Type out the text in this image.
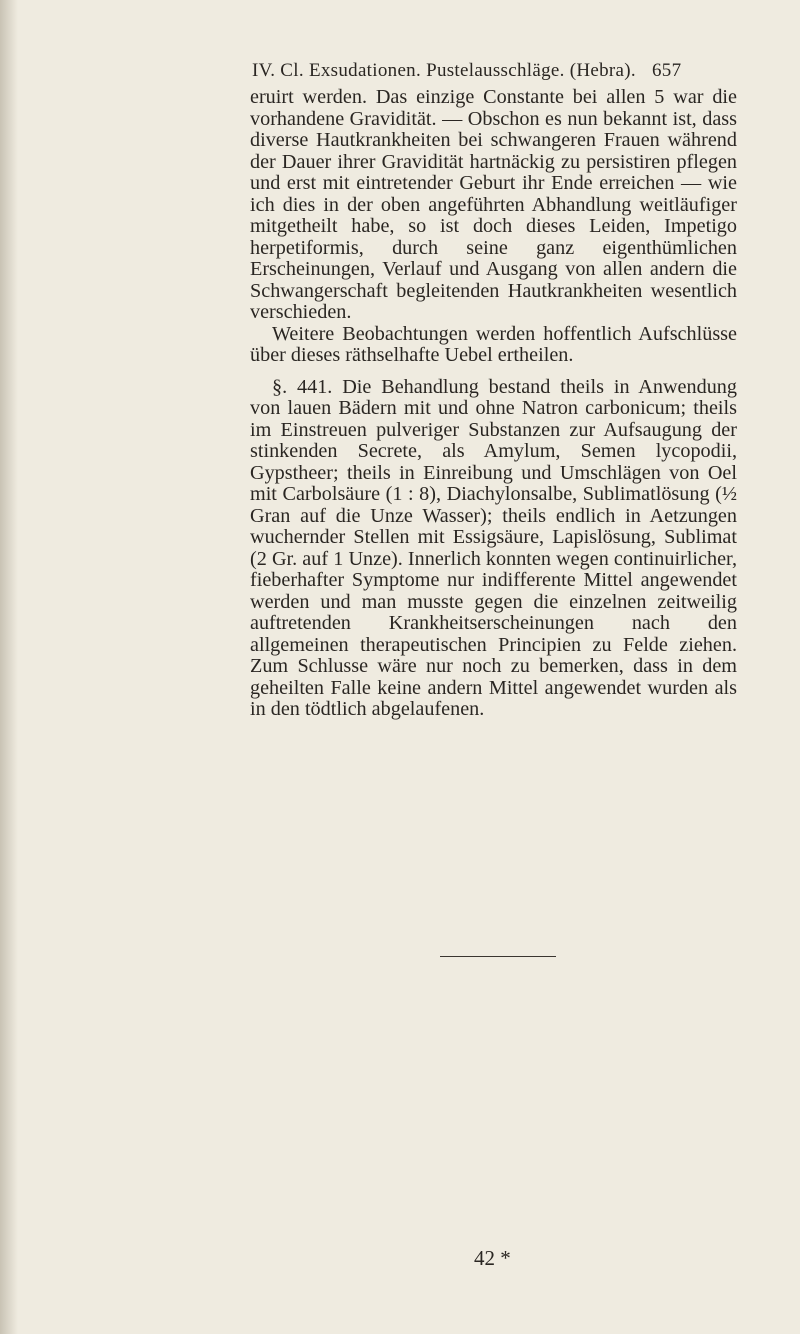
IV. Cl. Exsudationen. Pustelausschläge. (Hebra). 657

eruirt werden. Das einzige Constante bei allen 5 war die vorhandene Gravidität. — Obschon es nun bekannt ist, dass diverse Hautkrankheiten bei schwangeren Frauen während der Dauer ihrer Gravidität hartnäckig zu persistiren pflegen und erst mit eintretender Geburt ihr Ende erreichen — wie ich dies in der oben angeführten Abhandlung weitläufiger mitgetheilt habe, so ist doch dieses Leiden, Impetigo herpetiformis, durch seine ganz eigenthümlichen Erscheinungen, Verlauf und Ausgang von allen andern die Schwangerschaft begleitenden Hautkrankheiten wesentlich verschieden.

Weitere Beobachtungen werden hoffentlich Aufschlüsse über dieses räthselhafte Uebel ertheilen.

§. 441. Die Behandlung bestand theils in Anwendung von lauen Bädern mit und ohne Natron carbonicum; theils im Einstreuen pulveriger Substanzen zur Aufsaugung der stinkenden Secrete, als Amylum, Semen lycopodii, Gypstheer; theils in Einreibung und Umschlägen von Oel mit Carbolsäure (1 : 8), Diachylonsalbe, Sublimatlösung (½ Gran auf die Unze Wasser); theils endlich in Aetzungen wuchernder Stellen mit Essigsäure, Lapislösung, Sublimat (2 Gr. auf 1 Unze). Innerlich konnten wegen continuirlicher, fieberhafter Symptome nur indifferente Mittel angewendet werden und man musste gegen die einzelnen zeitweilig auftretenden Krankheitserscheinungen nach den allgemeinen therapeutischen Principien zu Felde ziehen. Zum Schlusse wäre nur noch zu bemerken, dass in dem geheilten Falle keine andern Mittel angewendet wurden als in den tödtlich abgelaufenen.

42 *
